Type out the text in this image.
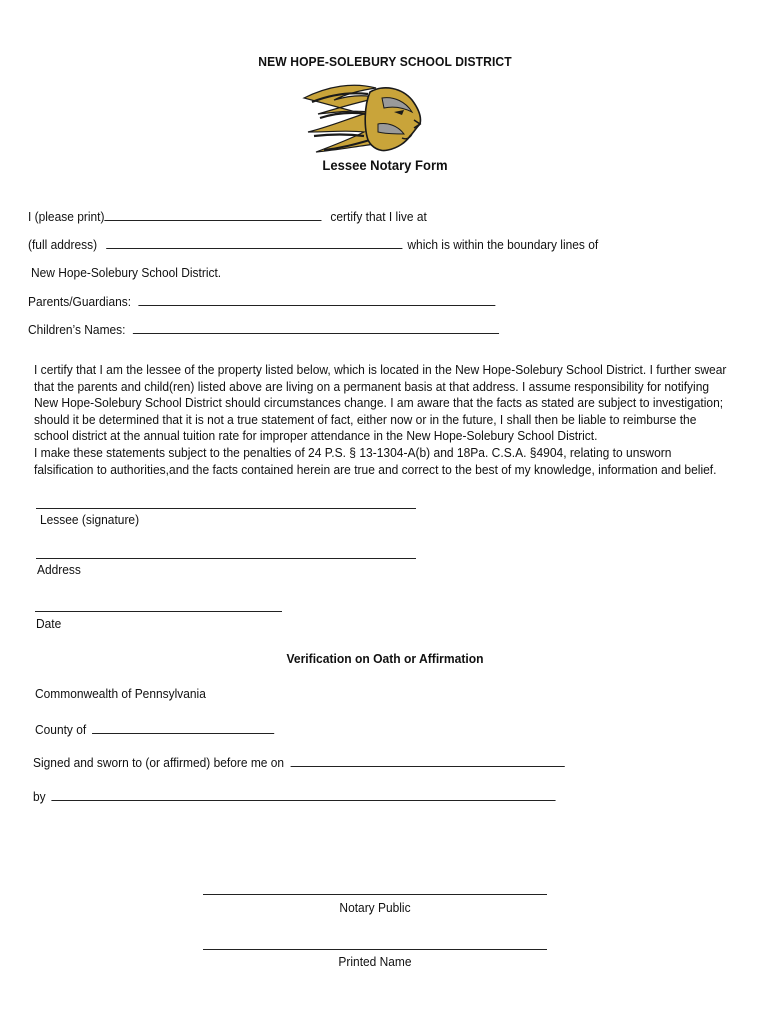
NEW HOPE-SOLEBURY SCHOOL DISTRICT
Lessee Notary Form
I (please print)	certify that I live at
(full address)	which is within the boundary lines of
New Hope-Solebury School District.
Parents/Guardians:
Children’s Names:

I certify that I am the lessee of the property listed below, which is located in the New Hope-Solebury School District. I further swear that the parents and child(ren) listed above are living on a permanent basis at that address. I assume responsibility for notifying New Hope-Solebury School District should circumstances change. I am aware that the facts as stated are subject to investigation; should it be determined that it is not a true statement of fact, either now or in the future, I shall then be liable to reimburse the school district at the annual tuition rate for improper attendance in the New Hope-Solebury School District.

I make these statements subject to the penalties of 24 P.S. § 13-1304-A(b) and 18Pa. C.S.A. §4904, relating to unsworn falsification to authorities,and the facts contained herein are true and correct to the best of my knowledge, information and belief.

Lessee (signature)
Address
Date
Verification on Oath or Affirmation
Commonwealth of Pennsylvania
County of
Signed and sworn to (or affirmed) before me on
by
Notary Public
Printed Name
